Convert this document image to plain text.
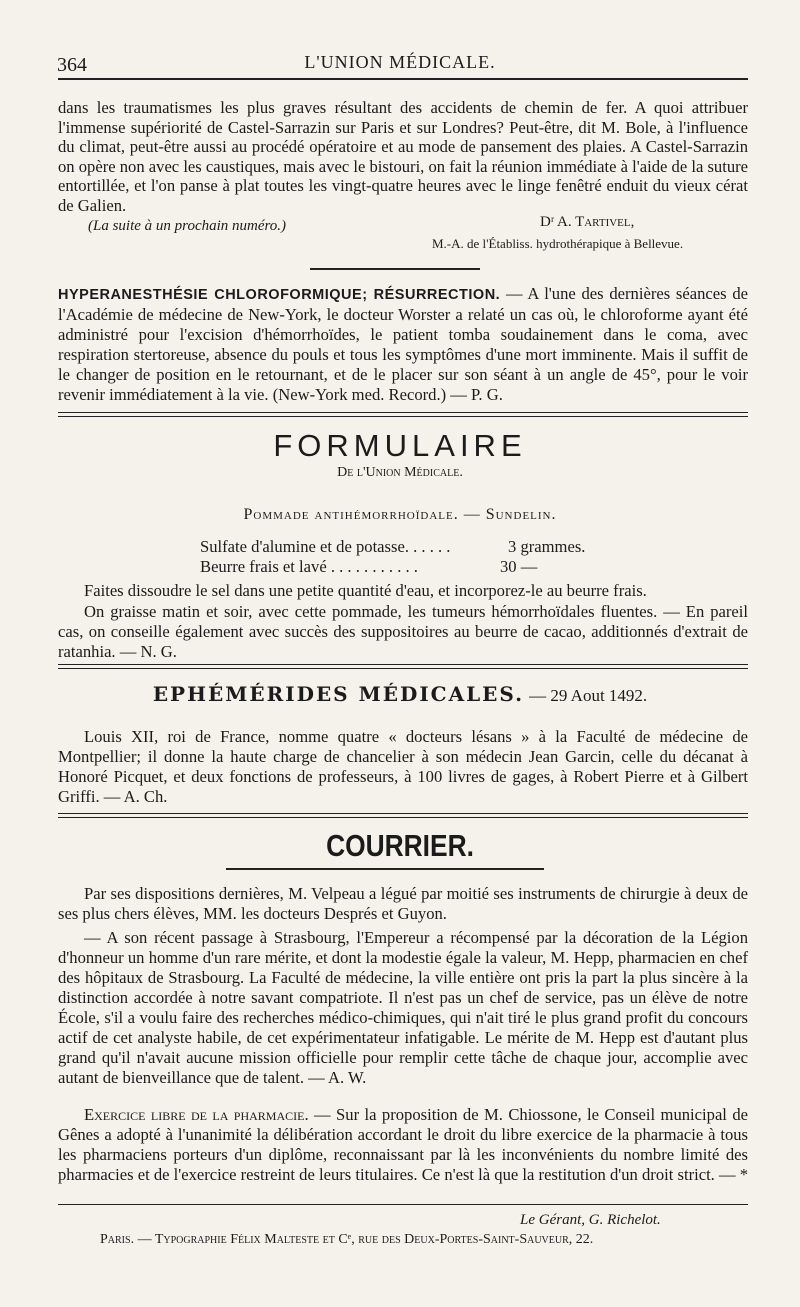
364	L'UNION MÉDICALE.
dans les traumatismes les plus graves résultant des accidents de chemin de fer. A quoi attribuer l'immense supériorité de Castel-Sarrazin sur Paris et sur Londres? Peut-être, dit M. Bole, à l'influence du climat, peut-être aussi au procédé opératoire et au mode de pansement des plaies. A Castel-Sarrazin on opère non avec les caustiques, mais avec le bistouri, on fait la réunion immédiate à l'aide de la suture entortillée, et l'on panse à plat toutes les vingt-quatre heures avec le linge fenêtré enduit du vieux cérat de Galien.
(La suite à un prochain numéro.)	Dʳ A. Tartivel,
M.-A. de l'Établiss. hydrothérapique à Bellevue.
HYPERANESTHÉSIE CHLOROFORMIQUE; RÉSURRECTION. — A l'une des dernières séances de l'Académie de médecine de New-York, le docteur Worster a relaté un cas où, le chloroforme ayant été administré pour l'excision d'hémorrhoïdes, le patient tomba soudainement dans le coma, avec respiration stertoreuse, absence du pouls et tous les symptômes d'une mort imminente. Mais il suffit de le changer de position en le retournant, et de le placer sur son séant à un angle de 45°, pour le voir revenir immédiatement à la vie. (New-York med. Record.) — P. G.
FORMULAIRE
De l'Union Médicale.
Pommade antihémorrhoïdale. — Sundelin.
Sulfate d'alumine et de potasse. . . . . .	3 grammes.
Beurre frais et lavé . . . . . . . . . . .	30 —
Faites dissoudre le sel dans une petite quantité d'eau, et incorporez-le au beurre frais.
On graisse matin et soir, avec cette pommade, les tumeurs hémorrhoïdales fluentes. — En pareil cas, on conseille également avec succès des suppositoires au beurre de cacao, additionnés d'extrait de ratanhia. — N. G.
EPHÉMÉRIDES MÉDICALES. — 29 Aout 1492.
Louis XII, roi de France, nomme quatre « docteurs lésans » à la Faculté de médecine de Montpellier; il donne la haute charge de chancelier à son médecin Jean Garcin, celle du décanat à Honoré Picquet, et deux fonctions de professeurs, à 100 livres de gages, à Robert Pierre et à Gilbert Griffi. — A. Ch.
COURRIER.
Par ses dispositions dernières, M. Velpeau a légué par moitié ses instruments de chirurgie à deux de ses plus chers élèves, MM. les docteurs Després et Guyon.
— A son récent passage à Strasbourg, l'Empereur a récompensé par la décoration de la Légion d'honneur un homme d'un rare mérite, et dont la modestie égale la valeur, M. Hepp, pharmacien en chef des hôpitaux de Strasbourg. La Faculté de médecine, la ville entière ont pris la part la plus sincère à la distinction accordée à notre savant compatriote. Il n'est pas un chef de service, pas un élève de notre École, s'il a voulu faire des recherches médico-chimiques, qui n'ait tiré le plus grand profit du concours actif de cet analyste habile, de cet expérimentateur infatigable. Le mérite de M. Hepp est d'autant plus grand qu'il n'avait aucune mission officielle pour remplir cette tâche de chaque jour, accomplie avec autant de bienveillance que de talent. — A. W.
Exercice libre de la pharmacie. — Sur la proposition de M. Chiossone, le Conseil municipal de Gênes a adopté à l'unanimité la délibération accordant le droit du libre exercice de la pharmacie à tous les pharmaciens porteurs d'un diplôme, reconnaissant par là les inconvénients du nombre limité des pharmacies et de l'exercice restreint de leurs titulaires. Ce n'est là que la restitution d'un droit strict. — *
Le Gérant, G. Richelot.
Paris. — Typographie Félix Malteste et Cᵉ, rue des Deux-Portes-Saint-Sauveur, 22.
